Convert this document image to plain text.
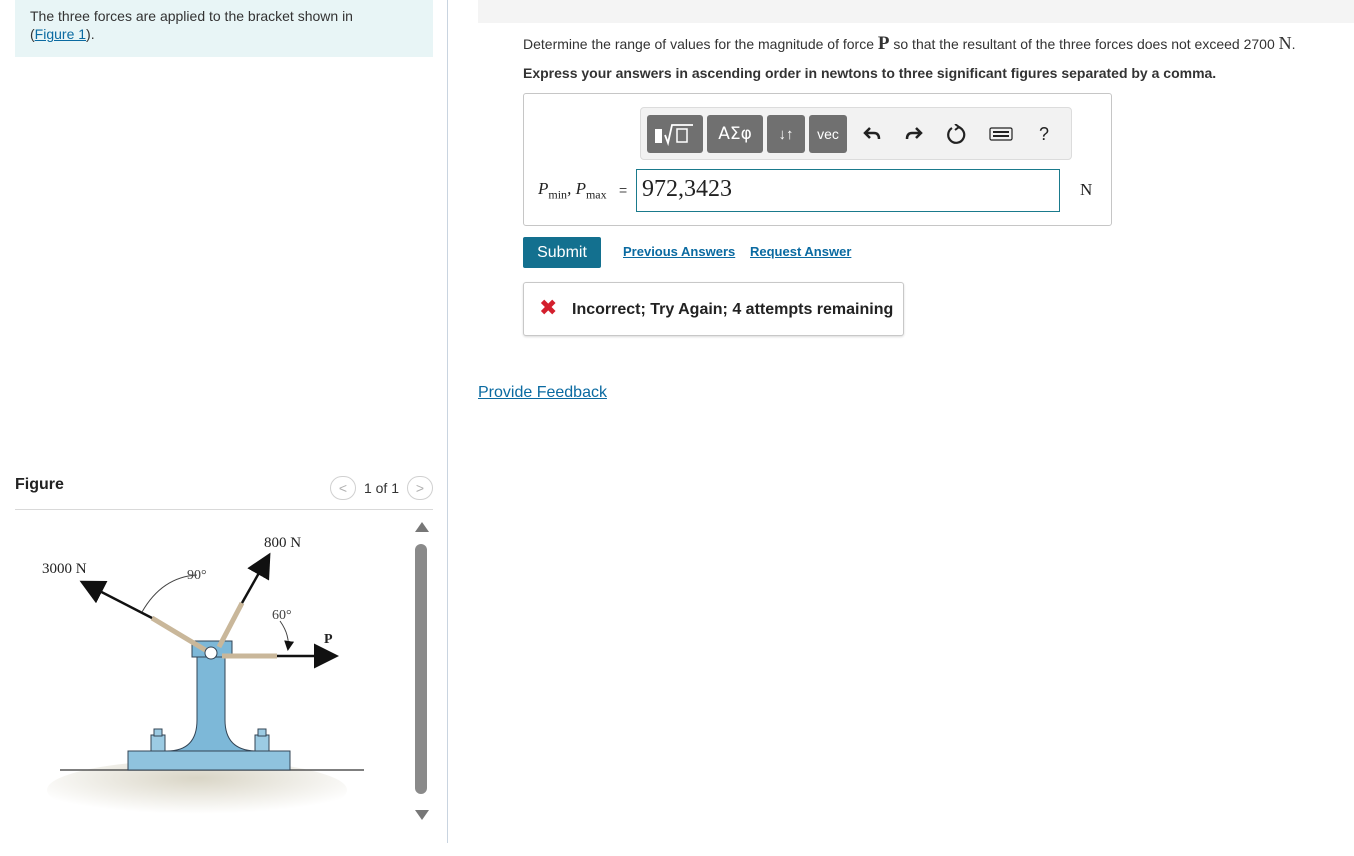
The three forces are applied to the bracket shown in
(Figure 1).
Figure	<	1 of 1	>
3000 N
800 N
90°
60°
P
Determine the range of values for the magnitude of force P so that the resultant of the three forces does not exceed 2700 N.
Express your answers in ascending order in newtons to three significant figures separated by a comma.
ΑΣφ	↓↑	vec	?
$P_{min}$, $P_{max} = 972,3423$	N
Submit	Previous Answers Request Answer
✖ Incorrect; Try Again; 4 attempts remaining
Provide Feedback
